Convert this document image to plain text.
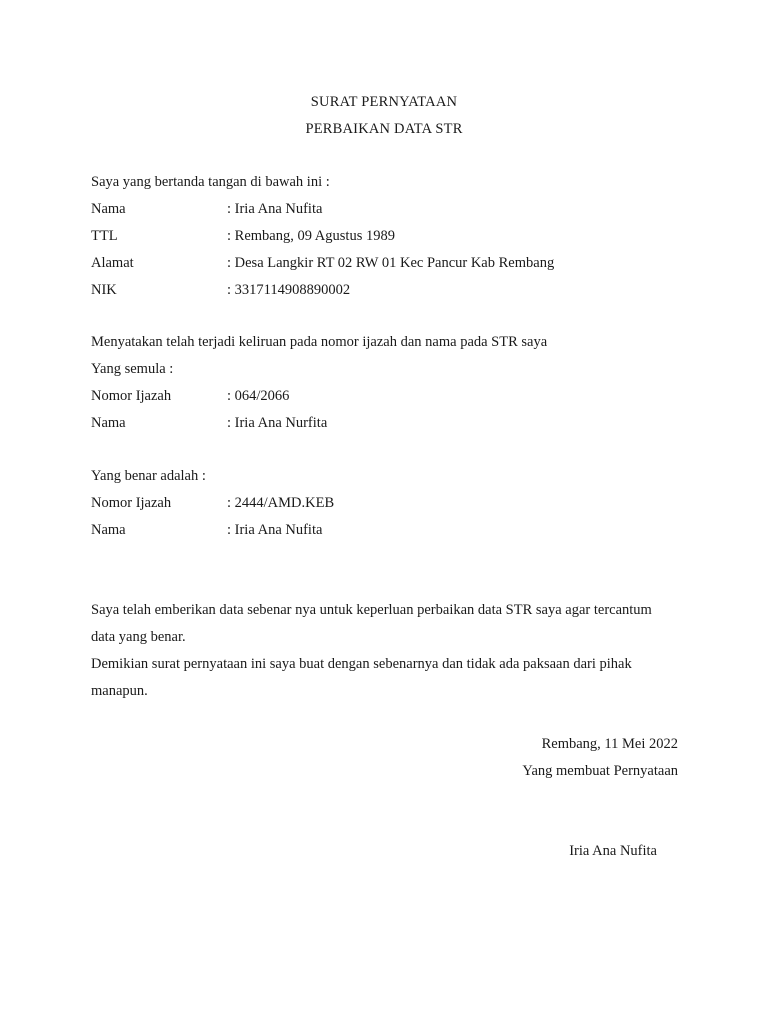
SURAT PERNYATAAN
PERBAIKAN DATA STR
Saya yang bertanda tangan di bawah ini :
Nama	: Iria Ana Nufita
TTL	: Rembang, 09 Agustus 1989
Alamat	: Desa Langkir RT 02 RW 01 Kec Pancur Kab Rembang
NIK	: 3317114908890002
Menyatakan telah terjadi keliruan pada nomor ijazah dan nama pada STR saya
Yang semula :
Nomor Ijazah	: 064/2066
Nama	: Iria Ana Nurfita
Yang benar adalah :
Nomor Ijazah	: 2444/AMD.KEB
Nama	: Iria Ana Nufita
Saya telah emberikan data sebenar nya untuk keperluan perbaikan data STR saya agar tercantum
data yang benar.
Demikian surat pernyataan ini saya buat dengan sebenarnya dan tidak ada paksaan dari pihak
manapun.
Rembang, 11 Mei 2022
Yang membuat Pernyataan
Iria Ana Nufita
